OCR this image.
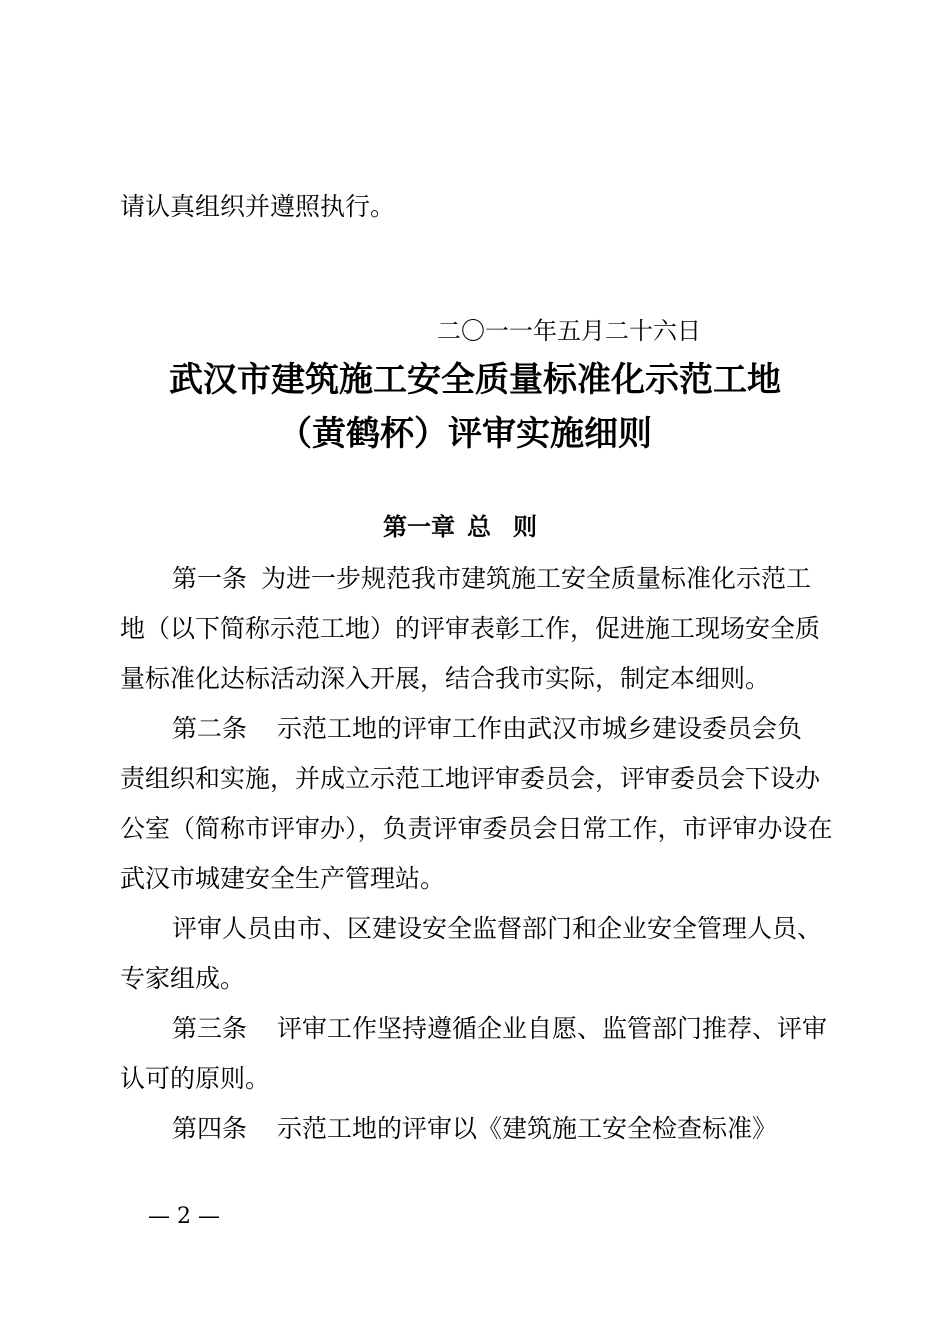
请认真组织并遵照执行。
二〇一一年五月二十六日
武汉市建筑施工安全质量标准化示范工地
（黄鹤杯）评审实施细则
第一章 总 则
第一条 为进一步规范我市建筑施工安全质量标准化示范工
地（以下简称示范工地）的评审表彰工作，促进施工现场安全质
量标准化达标活动深入开展，结合我市实际，制定本细则。
第二条 示范工地的评审工作由武汉市城乡建设委员会负
责组织和实施，并成立示范工地评审委员会，评审委员会下设办
公室（简称市评审办），负责评审委员会日常工作，市评审办设在
武汉市城建安全生产管理站。
评审人员由市、区建设安全监督部门和企业安全管理人员、
专家组成。
第三条 评审工作坚持遵循企业自愿、监管部门推荐、评审
认可的原则。
第四条 示范工地的评审以《建筑施工安全检查标准》
— 2 —
